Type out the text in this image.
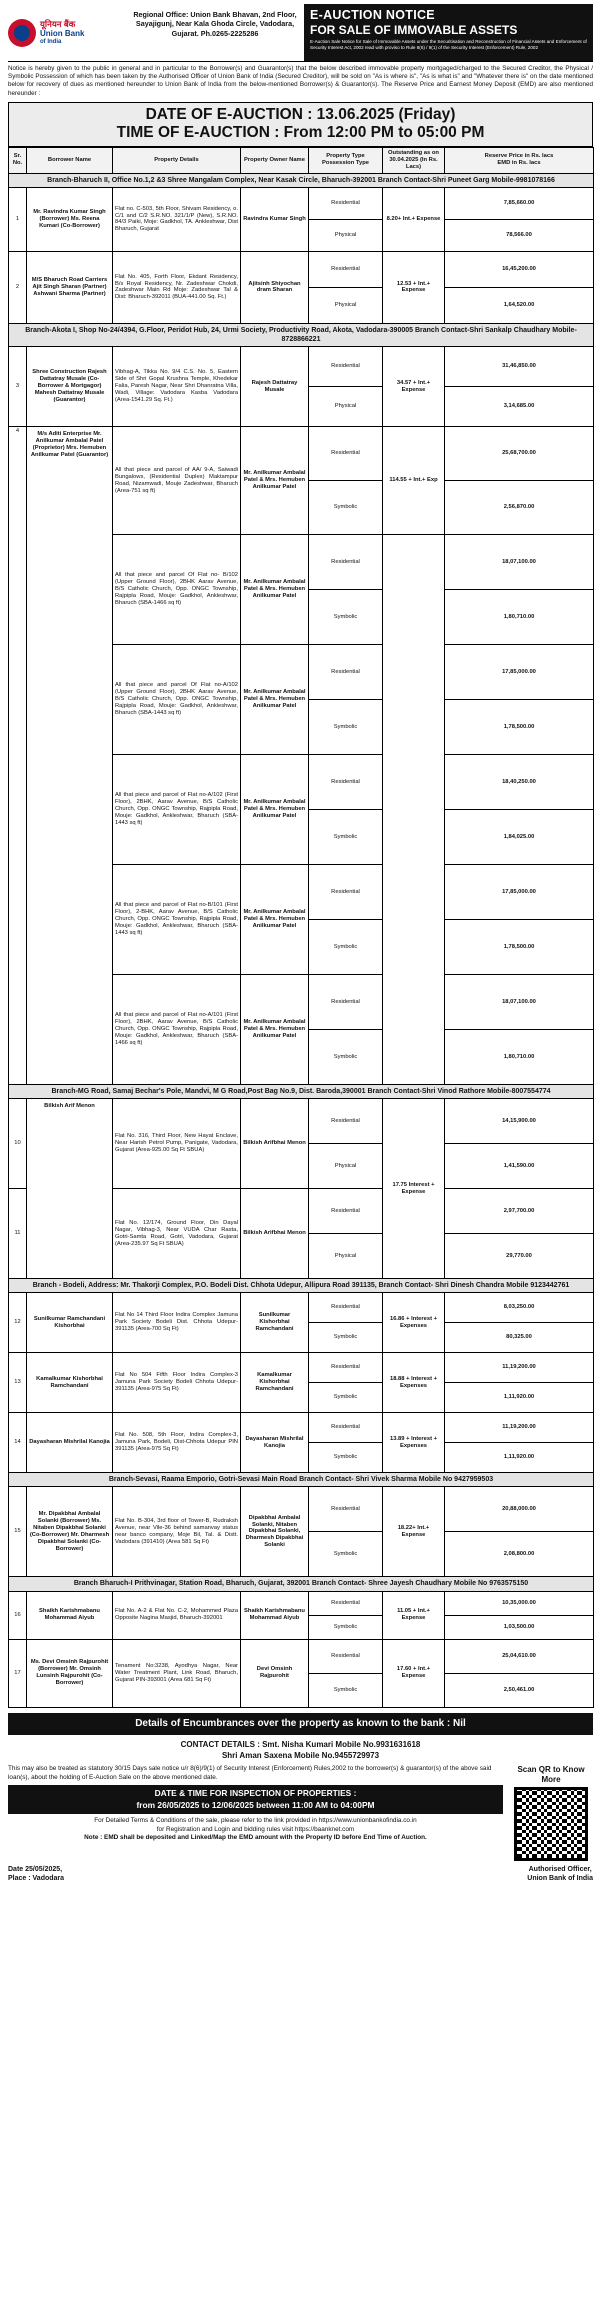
यूनियन बैंक
Union Bank
of India
Regional Office: Union Bank Bhavan, 2nd Floor, Sayajigunj, Near Kala Ghoda Circle, Vadodara, Gujarat. Ph.0265-2225286
E-AUCTION NOTICE
FOR SALE OF IMMOVABLE ASSETS
E-Auction Sale Notice for Sale of Immovable Assets under the Securitisation and Reconstruction of Financial Assets and Enforcement of Security Interest Act, 2002 read with proviso to Rule 8(6) / 9(1) of the Security Interest (Enforcement) Rule, 2002
Notice is hereby given to the public in general and in particular to the Borrower(s) and Guarantor(s) that the below described immovable property mortgaged/charged to the Secured Creditor, the Physical / Symbolic Possession of which has been taken by the Authorised Officer of Union Bank of India (Secured Creditor), will be sold on "As is where is", "As is what is" and "Whatever there is" on the date mentioned below for recovery of dues as mentioned hereunder to Union Bank of India from the below-mentioned Borrower(s) & Guarantor(s). The Reserve Price and Earnest Money Deposit (EMD) are also mentioned hereunder :
DATE OF E-AUCTION : 13.06.2025 (Friday)
TIME OF E-AUCTION : From 12:00 PM to 05:00 PM
Sr. No.	Borrower Name	Property Details	Property Owner Name	Property Type
Possession Type	Outstanding as on 30.04.2025 (In Rs. Lacs)	Reserve Price in Rs. lacs
EMD in Rs. lacs
Branch-Bharuch II, Office No.1,2 &3 Shree Mangalam Complex, Near Kasak Circle, Bharuch-392001 Branch Contact-Shri Puneet Garg Mobile-9981078166						
1	Mr. Ravindra Kumar Singh (Borrower) Ms. Reena Kumari (Co-Borrower)	Flat no. C-503, 5th Floor, Shivam Residency, o. C/1 and C/2 S.R.NO. 321/1/P (New), S.R.NO. 84/3 Paiki, Moje: Gadkhol, TA. Ankleshwar, Dist Bharuch, Gujarat	Ravindra Kumar Singh	Residential	8.20+ Int.+ Expense	7,85,660.00
				Physical		78,566.00
2	M/S Bharuch Road Carriers Ajit Singh Sharan (Partner) Ashwani Sharma (Partner)	Flat No. 405, Forth Floor, Ekdant Residency, B/s Royal Residency, Nr. Zadeshwar Chokdi, Zadeshwar Main Rd Moje: Zadeshwar Tal & Dist: Bharuch-392011 (BUA-441.00 Sq. Ft.)	Ajitsinh Shiyochan dram Sharan	Residential	12.53 + Int.+ Expense	16,45,200.00
				Physical		1,64,520.00
Branch-Akota I, Shop No-24/4394, G.Floor, Peridot Hub, 24, Urmi Society, Productivity Road, Akota, Vadodara-390005 Branch Contact-Shri Sankalp Chaudhary Mobile-8728866221						
3	Shree Construction Rajesh Dattatray Musale (Co-Borrower & Mortgagor) Mahesh Dattatray Musale (Guarantor)	Vibhag-A, Tikka No. 9/4 C.S. No. 5, Eastern Side of Shri Gopal Krushna Temple, Khedekar Falia, Paresh Nagar, Near Shri Dhanratna Villa, Wadi, Village: Vadodara Kasba Vadodara (Area-1541.29 Sq. Ft.)	Rajesh Dattatray Musale	Residential	34.57 + Int.+ Expense	31,46,850.00
				Physical		3,14,685.00
4	M/s Aditi Enterprise Mr. Anilkumar Ambalal Patel (Proprietor) Mrs. Hemuben Anilkumar Patel (Guarantor)	All that piece and parcel of AA/ 9-A, Saiwadi Bungalows, (Residential Duplex) Maktampur Road, Nizamwadi, Mouje Zadeshwar, Bharuch (Area-751 sq ft)	Mr. Anilkumar Ambalal Patel & Mrs. Hemuben Anilkumar Patel	Residential	114.55 + Int.+ Exp	25,68,700.00
				Symbolic		2,56,870.00
		All that piece and parcel Of Flat no- B/102 (Upper Ground Floor), 2BHK Aarav Avenue, B/S Catholic Church, Opp. ONGC Township, Rajpipla Road, Mouje: Gadkhol, Ankleshwar, Bharuch (SBA-1466 sq ft)	Mr. Anilkumar Ambalal Patel & Mrs. Hemuben Anilkumar Patel	Residential		18,07,100.00
				Symbolic		1,80,710.00
		All that piece and parcel Of Flat no-A/102 (Upper Ground Floor), 2BHK Aarav Avenue, B/S Catholic Church, Opp. ONGC Township, Rajpipla Road, Mouje: Gadkhol, Ankleshwar, Bharuch (SBA-1443 sq ft)	Mr. Anilkumar Ambalal Patel & Mrs. Hemuben Anilkumar Patel	Residential		17,85,000.00
				Symbolic		1,78,500.00
		All that piece and parcel of Flat no-A/102 (First Floor), 2BHK, Aarav Avenue, B/S Catholic Church, Opp. ONGC Township, Rajpipla Road, Mouje: Gadkhol, Ankleshwar, Bharuch (SBA-1443 sq ft)	Mr. Anilkumar Ambalal Patel & Mrs. Hemuben Anilkumar Patel	Residential		18,40,250.00
				Symbolic		1,84,025.00
		All that piece and parcel of Flat no-B/101 (First Floor), 2-BHK, Aarav Avenue, B/S Catholic Church, Opp. ONGC Township, Rajpipla Road, Mouje: Gadkhol, Ankleshwar, Bharuch (SBA-1443 sq ft)	Mr. Anilkumar Ambalal Patel & Mrs. Hemuben Anilkumar Patel	Residential		17,85,000.00
				Symbolic		1,78,500.00
		All that piece and parcel of Flat no-A/101 (First Floor), 2BHK, Aarav Avenue, B/S Catholic Church, Opp. ONGC Township, Rajpipla Road, Mouje: Gadkhol, Ankleshwar, Bharuch (SBA-1466 sq ft)	Mr. Anilkumar Ambalal Patel & Mrs. Hemuben Anilkumar Patel	Residential		18,07,100.00
				Symbolic		1,80,710.00
Branch-MG Road, Samaj Bechar's Pole, Mandvi, M G Road,Post Bag No.9, Dist. Baroda,390001 Branch Contact-Shri Vinod Rathore Mobile-8007554774						
10	Bilkish Arif Menon	Flat No. 316, Third Floor, New Hayat Enclave, Near Harish Petrol Pump, Panigate, Vadodara, Gujarat (Area-925.00 Sq Ft SBUA)	Bilkish Arifbhai Menon	Residential	17.75 Interest + Expense	14,15,900.00
				Physical		1,41,590.00
11		Flat No. 12/174, Ground Floor, Din Dayal Nagar, Vibhag-3, Near VUDA Char Rasta, Gotri-Samta Road, Gotri, Vadodara, Gujarat (Area-235.97 Sq Ft SBUA)	Bilkish Arifbhai Menon	Residential		2,97,700.00
				Physical		29,770.00
Branch - Bodeli, Address: Mr. Thakorji Complex, P.O. Bodeli Dist. Chhota Udepur, Allipura Road 391135, Branch Contact- Shri Dinesh Chandra Mobile 9123442761						
12	Sunilkumar Ramchandani Kishorbhai	Flat No 14 Third Floor Indira Complex Jamuna Park Society Bodeli Dist. Chhota Udepur-391135 (Area-700 Sq Ft)	Sunilkumar Kishorbhai Ramchandani	Residential	16.86 + Interest + Expenses	8,03,250.00
				Symbolic		80,325.00
13	Kamalkumar Kishorbhai Ramchandani	Flat No 504 Fifth Floor Indira Complex-3 Jamuna Park Society Bodeli Chhota Udepur-391135 (Area-975 Sq Ft)	Kamalkumar Kishorbhai Ramchandani	Residential	18.88 + Interest + Expenses	11,19,200.00
				Symbolic		1,11,920.00
14	Dayasharan Mishrilal Kanojia	Flat No. 508, 5th Floor, Indira Complex-3, Jamuna Park, Bodeli, Dist-Chhota Udepur PIN 391135 (Area-975 Sq Ft)	Dayasharan Mishrilal Kanojia	Residential	13.89 + Interest + Expenses	11,19,200.00
				Symbolic		1,11,920.00
Branch-Sevasi, Raama Emporio, Gotri-Sevasi Main Road Branch Contact- Shri Vivek Sharma Mobile No 9427959503						
15	Mr. Dipakbhai Ambalal Solanki (Borrower) Ms. Nitaben Dipakbhai Solanki (Co-Borrower) Mr. Dharmesh Dipakbhai Solanki (Co-Borrower)	Flat No. B-304, 3rd floor of Tower-B, Rudraksh Avenue, near Vile-36 behind samanvay status near banco company, Moje Bil, Tal. & Distt. Vadodara (391410) (Area 581 Sq Ft)	Dipakbhai Ambalal Solanki, Nitaben Dipakbhai Solanki, Dharmesh Dipakbhai Solanki	Residential	18.22+ Int.+ Expense	20,88,000.00
				Symbolic		2,08,800.00
Branch Bharuch-I Prithvinagar, Station Road, Bharuch, Gujarat, 392001 Branch Contact- Shree Jayesh Chaudhary Mobile No 9763575150						
16	Shaikh Karishmabanu Mohammad Aiyub	Flat No. A-2 & Flat No. C-2, Mohammed Plaza Opposite Nagina Masjid, Bharuch-392001	Shaikh Karishmabanu Mohammad Aiyub	Residential	11.05 + Int.+ Expense	10,35,000.00
				Symbolic		1,03,500.00
17	Ms. Devi Omsinh Rajpurohit (Borrower) Mr. Omsinh Lunsinh Rajpurohit (Co-Borrower)	Tenament No:3238, Ayodhya Nagar, Near Water Treatment Plant, Link Road, Bharuch, Gujarat PIN-393001 (Area 681 Sq Ft)	Devi Omsinh Rajpurohit	Residential	17.60 + Int.+ Expense	25,04,610.00
				Symbolic		2,50,461.00
Details of Encumbrances over the property as known to the bank : Nil
CONTACT DETAILS : Smt. Nisha Kumari Mobile No.9931631618
Shri Aman Saxena Mobile No.9455729973
This may also be treated as statutory 30/15 Days sale notice u/r 8(6)/9(1) of Security Interest (Enforcement) Rules,2002 to the borrower(s) & guarantor(s) of the above said loan(s), about the holding of E-Auction Sale on the above mentioned date.
DATE & TIME FOR INSPECTION OF PROPERTIES :
from 26/05/2025 to 12/06/2025 between 11:00 AM to 04:00PM
For Detailed Terms & Conditions of the sale, please refer to the link provided in https://www.unionbankofindia.co.in
for Registration and Login and bidding rules visit https://baanknet.com
Note : EMD shall be deposited and Linked/Map the EMD amount with the Property ID before End Time of Auction.
Scan QR to Know More
Date 25/05/2025,
Place : Vadodara
Authorised Officer,
Union Bank of India
